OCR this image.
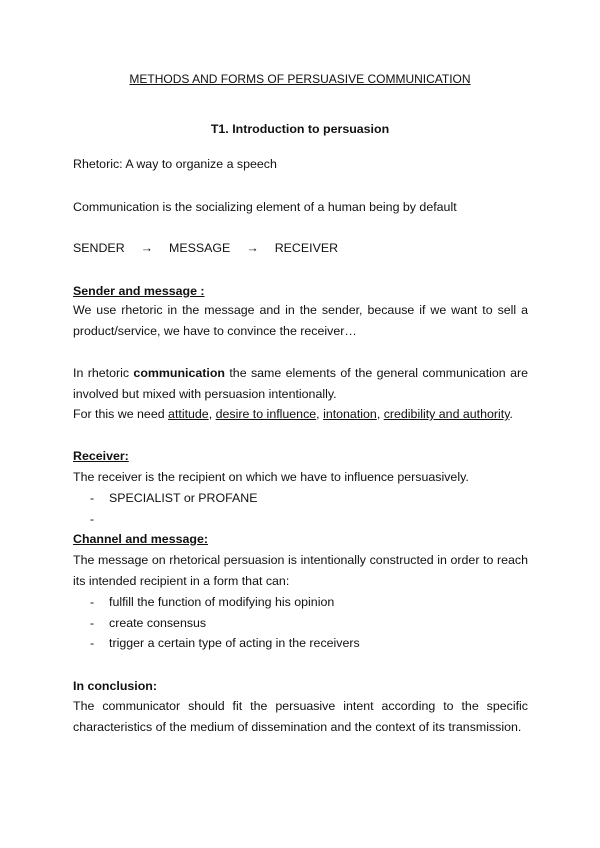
METHODS AND FORMS OF PERSUASIVE COMMUNICATION
T1. Introduction to persuasion
Rhetoric: A way to organize a speech
Communication is the socializing element of a human being by default
SENDER → MESSAGE → RECEIVER
Sender and message :
We use rhetoric in the message and in the sender, because if we want to sell a
product/service, we have to convince the receiver…
In rhetoric communication the same elements of the general communication are
involved but mixed with persuasion intentionally.
For this we need attitude, desire to influence, intonation, credibility and authority.
Receiver:
The receiver is the recipient on which we have to influence persuasively.
- SPECIALIST or PROFANE
-
Channel and message:
The message on rhetorical persuasion is intentionally constructed in order to reach
its intended recipient in a form that can:
- fulfill the function of modifying his opinion
- create consensus
- trigger a certain type of acting in the receivers
In conclusion:
The communicator should fit the persuasive intent according to the specific
characteristics of the medium of dissemination and the context of its transmission.
